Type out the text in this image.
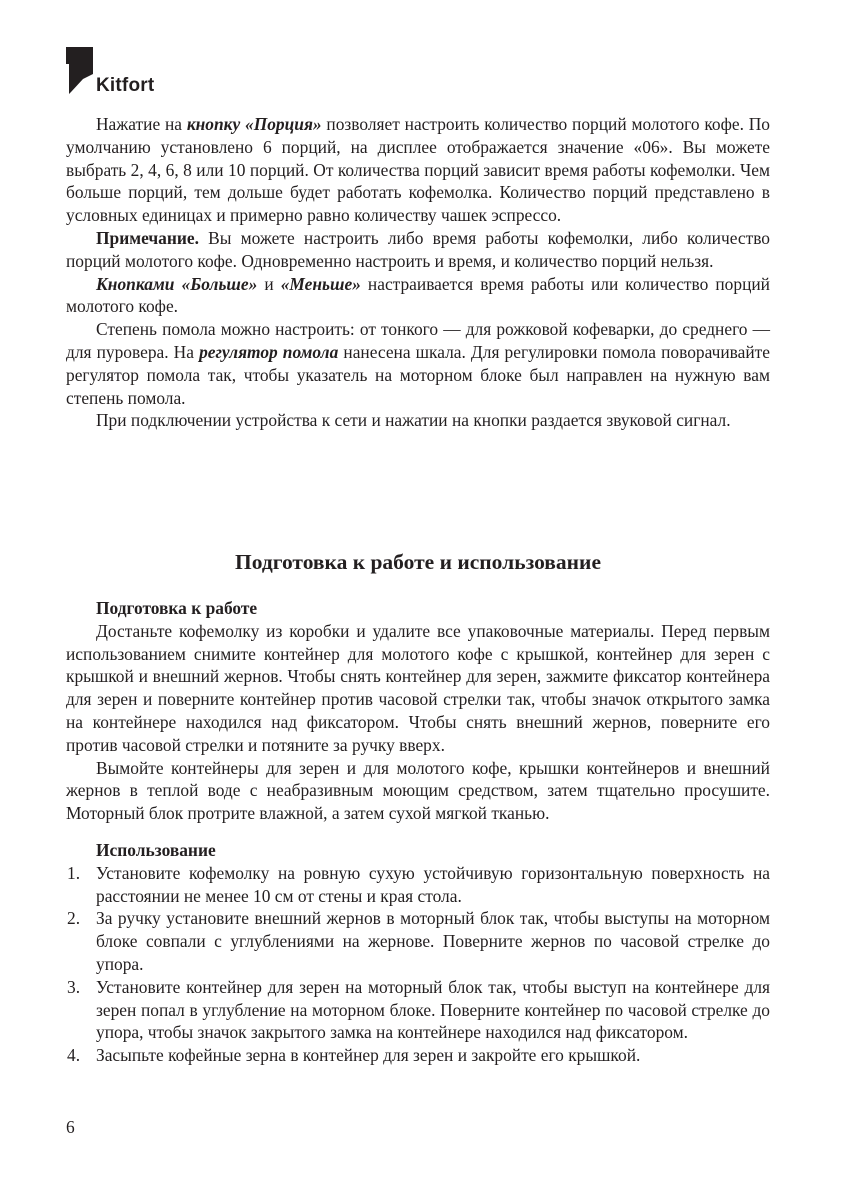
Kitfort

Нажатие на кнопку «Порция» позволяет настроить количество порций молотого кофе. По умолчанию установлено 6 порций, на дисплее отображается значение «06». Вы можете выбрать 2, 4, 6, 8 или 10 порций. От количества порций зависит время работы кофемолки. Чем больше порций, тем дольше будет работать кофемолка. Количество порций представлено в условных единицах и примерно равно количеству чашек эспрессо.

Примечание. Вы можете настроить либо время работы кофемолки, либо количество порций молотого кофе. Одновременно настроить и время, и количество порций нельзя.

Кнопками «Больше» и «Меньше» настраивается время работы или количество порций молотого кофе.

Степень помола можно настроить: от тонкого — для рожковой кофеварки, до среднего — для пуровера. На регулятор помола нанесена шкала. Для регулировки помола поворачивайте регулятор помола так, чтобы указатель на моторном блоке был направлен на нужную вам степень помола.

При подключении устройства к сети и нажатии на кнопки раздается звуковой сигнал.

Подготовка к работе и использование

Подготовка к работе

Достаньте кофемолку из коробки и удалите все упаковочные материалы. Перед первым использованием снимите контейнер для молотого кофе с крышкой, контейнер для зерен с крышкой и внешний жернов. Чтобы снять контейнер для зерен, зажмите фиксатор контейнера для зерен и поверните контейнер против часовой стрелки так, чтобы значок открытого замка на контейнере находился над фиксатором. Чтобы снять внешний жернов, поверните его против часовой стрелки и потяните за ручку вверх.

Вымойте контейнеры для зерен и для молотого кофе, крышки контейнеров и внешний жернов в теплой воде с неабразивным моющим средством, затем тщательно просушите. Моторный блок протрите влажной, а затем сухой мягкой тканью.

Использование

1. Установите кофемолку на ровную сухую устойчивую горизонтальную поверхность на расстоянии не менее 10 см от стены и края стола.
2. За ручку установите внешний жернов в моторный блок так, чтобы выступы на моторном блоке совпали с углублениями на жернове. Поверните жернов по часовой стрелке до упора.
3. Установите контейнер для зерен на моторный блок так, чтобы выступ на контейнере для зерен попал в углубление на моторном блоке. Поверните контейнер по часовой стрелке до упора, чтобы значок закрытого замка на контейнере находился над фиксатором.
4. Засыпьте кофейные зерна в контейнер для зерен и закройте его крышкой.
6
